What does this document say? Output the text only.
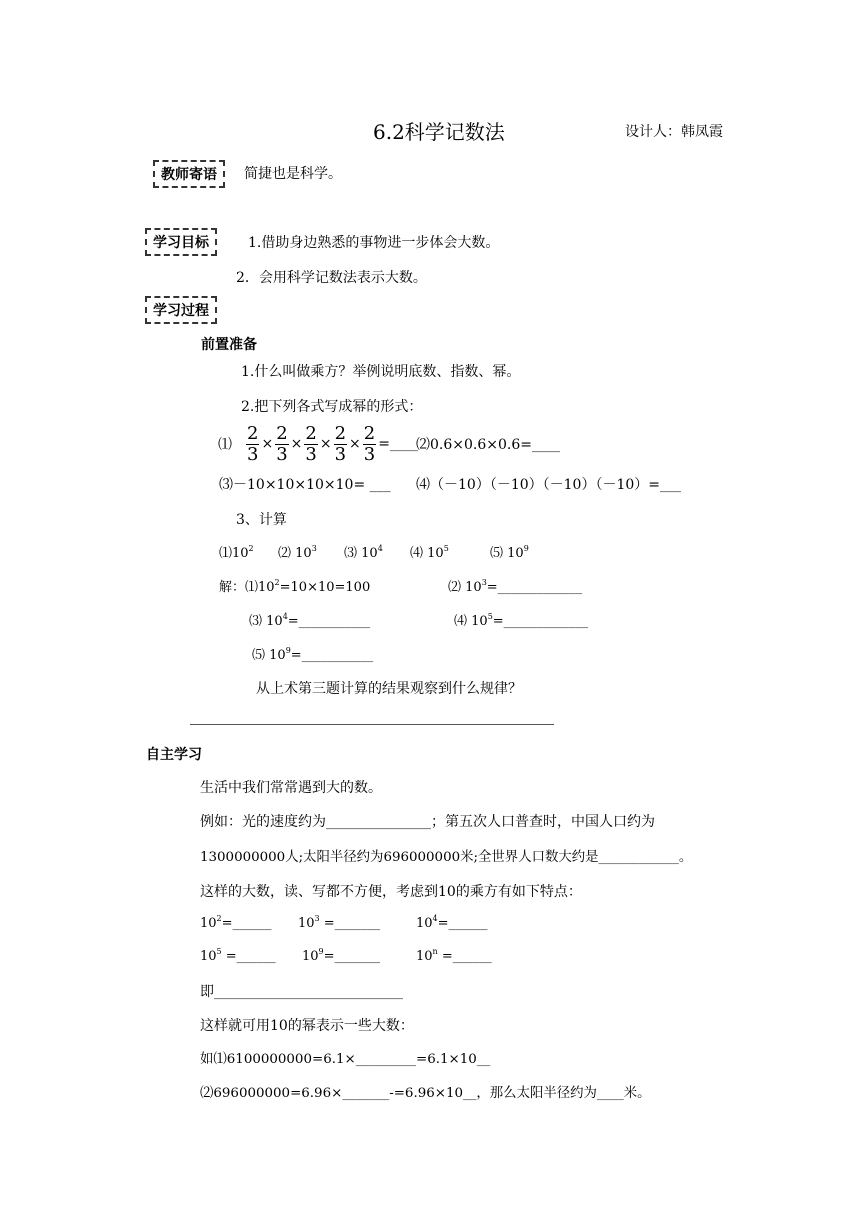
6.2科学记数法	设计人：韩凤霞
教师寄语	简捷也是科学。
学习目标	1.借助身边熟悉的事物进一步体会大数。
2．会用科学记数法表示大数。
学习过程
前置准备
1.什么叫做乘方？举例说明底数、指数、幂。
2.把下列各式写成幂的形式：
⑴ $\frac{2}{3} \times \frac{2}{3} \times \frac{2}{3} \times \frac{2}{3} \times \frac{2}{3}$ =____
⑵0.6×0.6×0.6=____
⑶－10×10×10×10= ___ ⑷（－10）（－10）（－10）（－10）=___
3、计算
$⑴10^2$ ⑵ $10^3$ ⑶ $10^4$ ⑷ $10^5$	⑸ $10^9$
解：$⑴10^2=10\times 10=100$	⑵ $10^3=\_\_\_\_\_\_\_\_\_\_\_\_\_$
⑶ $10^4=\_\_\_\_\_\_\_\_\_\_\_$	⑷ $10^5=\_\_\_\_\_\_\_\_\_\_\_\_\_$
⑸ $10^9=\_\_\_\_\_\_\_\_\_\_\_$
从上术第三题计算的结果观察到什么规律？
自主学习
生活中我们常常遇到大的数。
例如：光的速度约为_______________；第五次人口普查时，中国人口约为
1300000000人;太阳半径约为696000000米;全世界人口数大约是____________。
这样的大数，读、写都不方便，考虑到10的乘方有如下特点：
$10^2=\_\_\_\_\_\_$ $10^3$ =_______	$10^4=\_\_\_\_\_\_$
$10^5$ =______ $10^9=\_\_\_\_\_\_\_$	$10^n$ =______
即___________________________
这样就可用10的幂表示一些大数：
如⑴6100000000=6.1×_________=6.1×10__
⑵696000000=6.96×_______-=6.96×10__，那么太阳半径约为____米。
